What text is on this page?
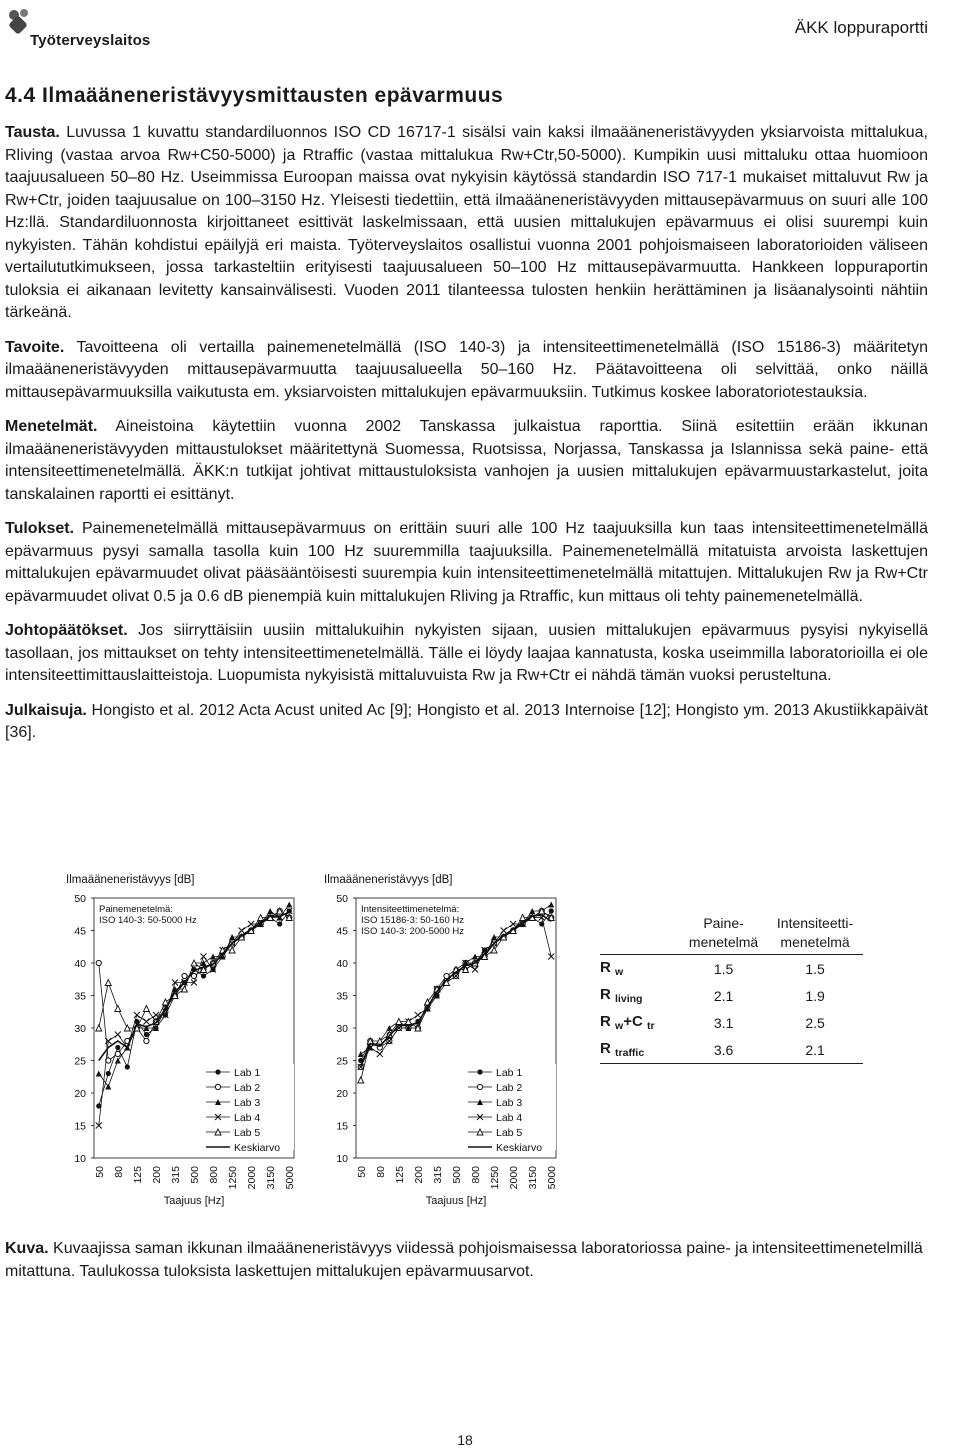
Työterveyslaitos
ÄKK loppuraportti
4.4 Ilmaääneneristävyysmittausten epävarmuus

Tausta. Luvussa 1 kuvattu standardiluonnos ISO CD 16717-1 sisälsi vain kaksi ilmaääneneristävyyden yksiarvoista mittalukua, Rliving (vastaa arvoa Rw+C50-5000) ja Rtraffic (vastaa mittalukua Rw+Ctr,50-5000). Kumpikin uusi mittaluku ottaa huomioon taajuusalueen 50–80 Hz. Useimmissa Euroopan maissa ovat nykyisin käytössä standardin ISO 717-1 mukaiset mittaluvut Rw ja Rw+Ctr, joiden taajuusalue on 100–3150 Hz. Yleisesti tiedettiin, että ilmaääneneristävyyden mittausepävarmuus on suuri alle 100 Hz:llä. Standardiluonnosta kirjoittaneet esittivät laskelmissaan, että uusien mittalukujen epävarmuus ei olisi suurempi kuin nykyisten. Tähän kohdistui epäilyjä eri maista. Työterveyslaitos osallistui vuonna 2001 pohjoismaiseen laboratorioiden väliseen vertailututkimukseen, jossa tarkasteltiin erityisesti taajuusalueen 50–100 Hz mittausepävarmuutta. Hankkeen loppuraportin tuloksia ei aikanaan levitetty kansainvälisesti. Vuoden 2011 tilanteessa tulosten henkiin herättäminen ja lisäanalysointi nähtiin tärkeänä.

Tavoite. Tavoitteena oli vertailla painemenetelmällä (ISO 140-3) ja intensiteettimenetelmällä (ISO 15186-3) määritetyn ilmaääneneristävyyden mittausepävarmuutta taajuusalueella 50–160 Hz. Päätavoitteena oli selvittää, onko näillä mittausepävarmuuksilla vaikutusta em. yksiarvoisten mittalukujen epävarmuuksiin. Tutkimus koskee laboratoriotestauksia.

Menetelmät. Aineistoina käytettiin vuonna 2002 Tanskassa julkaistua raporttia. Siinä esitettiin erään ikkunan ilmaääneneristävyyden mittaustulokset määritettynä Suomessa, Ruotsissa, Norjassa, Tanskassa ja Islannissa sekä paine- että intensiteettimenetelmällä. ÄKK:n tutkijat johtivat mittaustuloksista vanhojen ja uusien mittalukujen epävarmuustarkastelut, joita tanskalainen raportti ei esittänyt.

Tulokset. Painemenetelmällä mittausepävarmuus on erittäin suuri alle 100 Hz taajuuksilla kun taas intensiteettimenetelmällä epävarmuus pysyi samalla tasolla kuin 100 Hz suuremmilla taajuuksilla. Painemenetelmällä mitatuista arvoista laskettujen mittalukujen epävarmuudet olivat pääsääntöisesti suurempia kuin intensiteettimenetelmällä mitattujen. Mittalukujen Rw ja Rw+Ctr epävarmuudet olivat 0.5 ja 0.6 dB pienempiä kuin mittalukujen Rliving ja Rtraffic, kun mittaus oli tehty painemenetelmällä.

Johtopäätökset. Jos siirryttäisiin uusiin mittalukuihin nykyisten sijaan, uusien mittalukujen epävarmuus pysyisi nykyisellä tasollaan, jos mittaukset on tehty intensiteettimenetelmällä. Tälle ei löydy laajaa kannatusta, koska useimmilla laboratorioilla ei ole intensiteettimittauslaitteistoja. Luopumista nykyisistä mittaluvuista Rw ja Rw+Ctr ei nähdä tämän vuoksi perusteltuna.

Julkaisuja. Hongisto et al. 2012 Acta Acust united Ac [9]; Hongisto et al. 2013 Internoise [12]; Hongisto ym. 2013 Akustiikkapäivät [36].

Ilmaääneneristävyys [dB]
50
45
40
35
30
25
20
15
10
50 80 125 200 315 500 800 1250 2000 3150 5000
Taajuus [Hz]
Painemenetelmä:
ISO 140-3: 50-5000 Hz
Lab 1
Lab 2
Lab 3
Lab 4
Lab 5
Keskiarvo
Ilmaääneneristävyys [dB]
50
45
40
35
30
25
20
15
10
50 80 125 200 315 500 800 1250 2000 3150 5000
Taajuus [Hz]
Intensiteettimenetelmä:
ISO 15186-3: 50-160 Hz
ISO 140-3: 200-5000 Hz
Lab 1
Lab 2
Lab 3
Lab 4
Lab 5
Keskiarvo
	Paine-
menetelmä	Intensiteetti-
menetelmä
R $_w$	1.5	1.5
R $_{living}$	2.1	1.9
R $_w$+C $_{tr}$	3.1	2.5
R $_{traffic}$	3.6	2.1
Kuva. Kuvaajissa saman ikkunan ilmaääneneristävyys viidessä pohjoismaisessa laboratoriossa paine- ja intensiteettimenetelmillä mitattuna. Taulukossa tuloksista laskettujen mittalukujen epävarmuusarvot.
18
